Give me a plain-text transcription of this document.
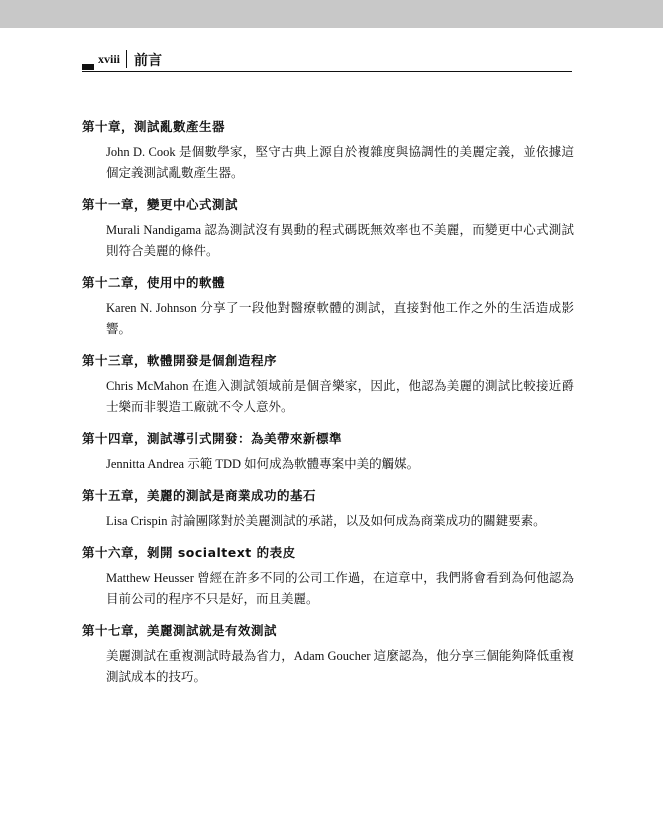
xviii 前言
第十章，測試亂數產生器
John D. Cook 是個數學家，堅守古典上源自於複雜度與協調性的美麗定義，並依據這個定義測試亂數產生器。
第十一章，變更中心式測試
Murali Nandigama 認為測試沒有異動的程式碼既無效率也不美麗，而變更中心式測試則符合美麗的條件。
第十二章，使用中的軟體
Karen N. Johnson 分享了一段他對醫療軟體的測試，直接對他工作之外的生活造成影響。
第十三章，軟體開發是個創造程序
Chris McMahon 在進入測試領域前是個音樂家，因此，他認為美麗的測試比較接近爵士樂而非製造工廠就不令人意外。
第十四章，測試導引式開發：為美帶來新標準
Jennitta Andrea 示範 TDD 如何成為軟體專案中美的觸媒。
第十五章，美麗的測試是商業成功的基石
Lisa Crispin 討論團隊對於美麗測試的承諾，以及如何成為商業成功的關鍵要素。
第十六章，剝開 socialtext 的表皮
Matthew Heusser 曾經在許多不同的公司工作過，在這章中，我們將會看到為何他認為目前公司的程序不只是好，而且美麗。
第十七章，美麗測試就是有效測試
美麗測試在重複測試時最為省力，Adam Goucher 這麼認為，他分享三個能夠降低重複測試成本的技巧。
